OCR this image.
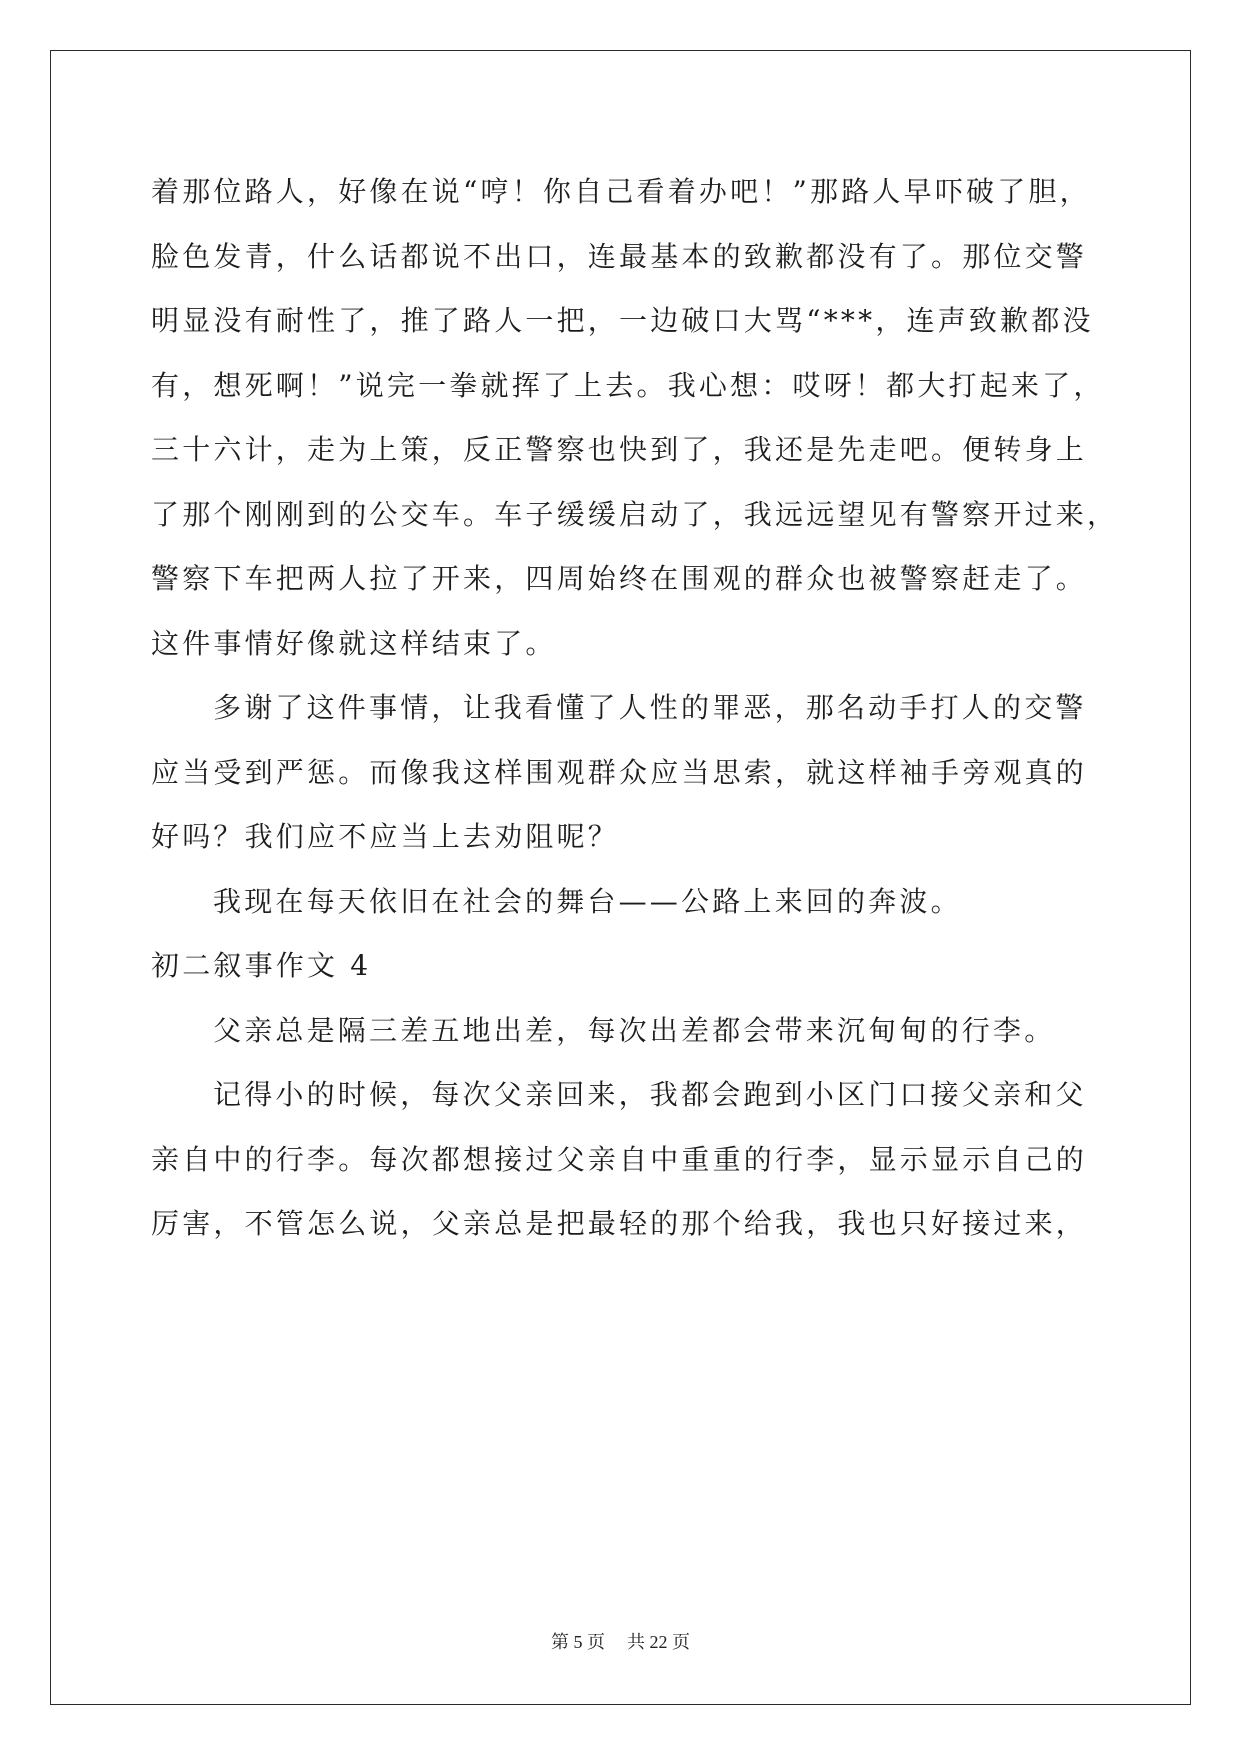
着那位路人，好像在说“哼！你自己看着办吧！”那路人早吓破了胆，
脸色发青，什么话都说不出口，连最基本的致歉都没有了。那位交警
明显没有耐性了，推了路人一把，一边破口大骂“***，连声致歉都没
有，想死啊！”说完一拳就挥了上去。我心想：哎呀！都大打起来了，
三十六计，走为上策，反正警察也快到了，我还是先走吧。便转身上
了那个刚刚到的公交车。车子缓缓启动了，我远远望见有警察开过来，
警察下车把两人拉了开来，四周始终在围观的群众也被警察赶走了。
这件事情好像就这样结束了。
多谢了这件事情，让我看懂了人性的罪恶，那名动手打人的交警
应当受到严惩。而像我这样围观群众应当思索，就这样袖手旁观真的
好吗？我们应不应当上去劝阻呢？
我现在每天依旧在社会的舞台——公路上来回的奔波。
初二叙事作文 4
父亲总是隔三差五地出差，每次出差都会带来沉甸甸的行李。
记得小的时候，每次父亲回来，我都会跑到小区门口接父亲和父
亲自中的行李。每次都想接过父亲自中重重的行李，显示显示自己的
厉害，不管怎么说，父亲总是把最轻的那个给我，我也只好接过来，
第 5 页 共 22 页
